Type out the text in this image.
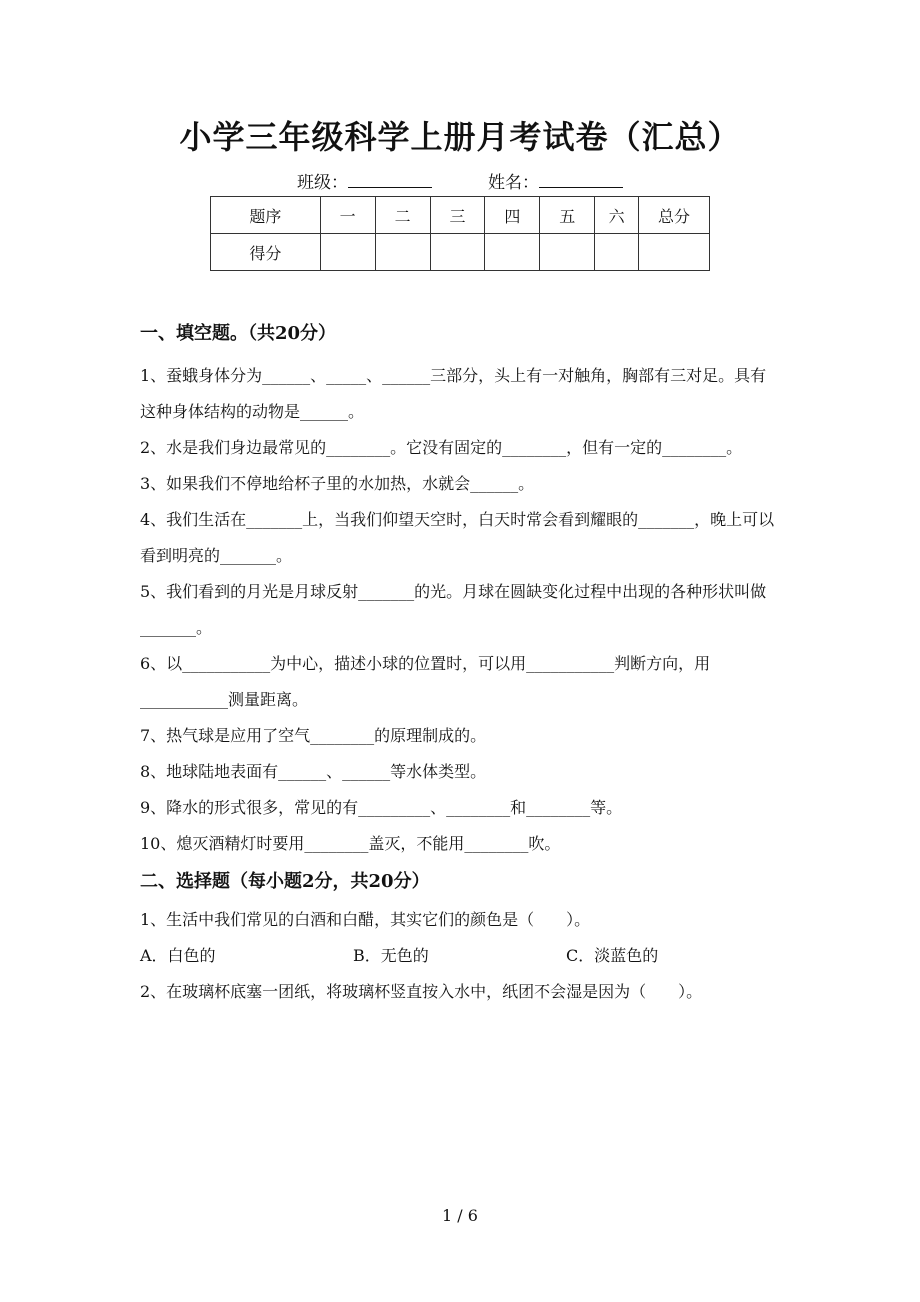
小学三年级科学上册月考试卷（汇总）
班级：	姓名：
题序	一	二	三	四	五	六	总分
得分							

一、填空题。（共20分）

1、蚕蛾身体分为______、_____、______三部分，头上有一对触角，胸部有三对足。具有这种身体结构的动物是______。

2、水是我们身边最常见的________。它没有固定的________，但有一定的________。

3、如果我们不停地给杯子里的水加热，水就会______。

4、我们生活在_______上，当我们仰望天空时，白天时常会看到耀眼的_______，晚上可以看到明亮的_______。

5、我们看到的月光是月球反射_______的光。月球在圆缺变化过程中出现的各种形状叫做_______。

6、以___________为中心，描述小球的位置时，可以用___________判断方向，用___________测量距离。

7、热气球是应用了空气________的原理制成的。

8、地球陆地表面有______、______等水体类型。

9、降水的形式很多，常见的有_________、________和________等。

10、熄灭酒精灯时要用________盖灭，不能用________吹。

二、选择题（每小题2分，共20分）

1、生活中我们常见的白酒和白醋，其实它们的颜色是（　　）。

A．白色的	B．无色的	C．淡蓝色的

2、在玻璃杯底塞一团纸，将玻璃杯竖直按入水中，纸团不会湿是因为（　　）。

1 / 6
